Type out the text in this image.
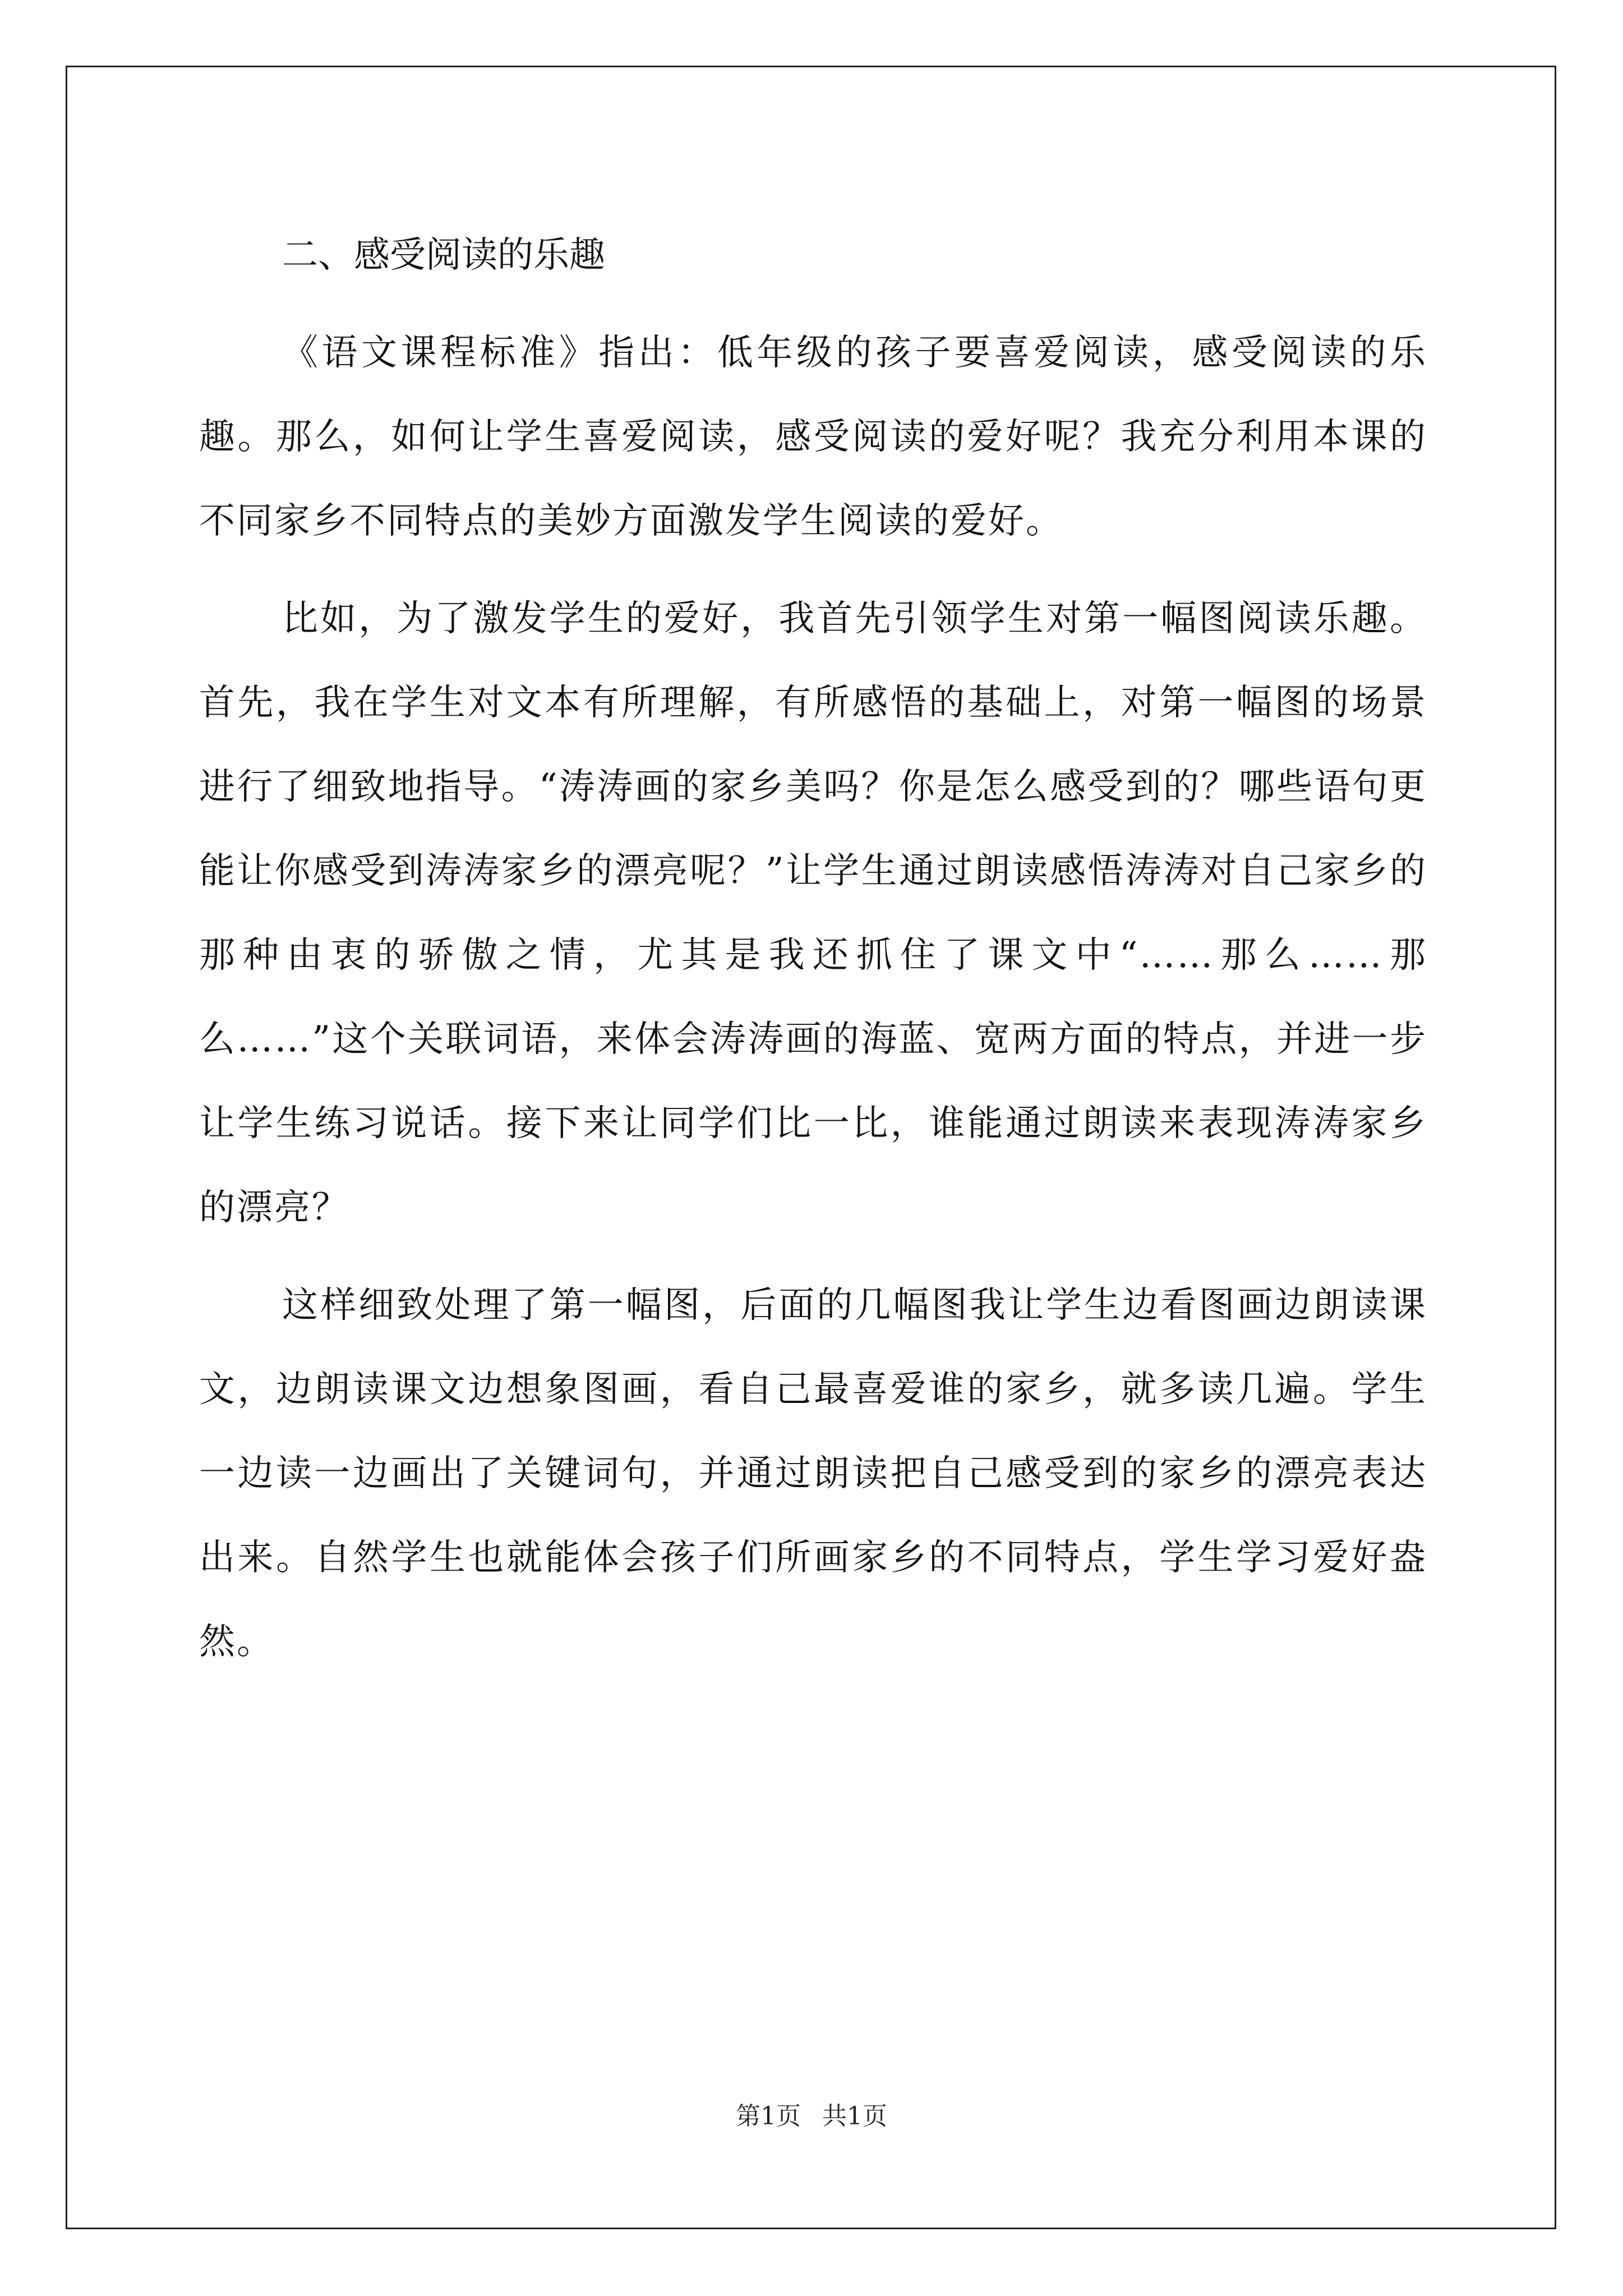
二、感受阅读的乐趣

《语文课程标准》指出：低年级的孩子要喜爱阅读，感受阅读的乐趣。那么，如何让学生喜爱阅读，感受阅读的爱好呢？我充分利用本课的不同家乡不同特点的美妙方面激发学生阅读的爱好。

比如，为了激发学生的爱好，我首先引领学生对第一幅图阅读乐趣。首先，我在学生对文本有所理解，有所感悟的基础上，对第一幅图的场景进行了细致地指导。“涛涛画的家乡美吗？你是怎么感受到的？哪些语句更能让你感受到涛涛家乡的漂亮呢？”让学生通过朗读感悟涛涛对自己家乡的那种由衷的骄傲之情，尤其是我还抓住了课文中“……那么……那么……”这个关联词语，来体会涛涛画的海蓝、宽两方面的特点，并进一步让学生练习说话。接下来让同学们比一比，谁能通过朗读来表现涛涛家乡的漂亮？

这样细致处理了第一幅图，后面的几幅图我让学生边看图画边朗读课文，边朗读课文边想象图画，看自己最喜爱谁的家乡，就多读几遍。学生一边读一边画出了关键词句，并通过朗读把自己感受到的家乡的漂亮表达出来。自然学生也就能体会孩子们所画家乡的不同特点，学生学习爱好盎然。

第1页 共1页
